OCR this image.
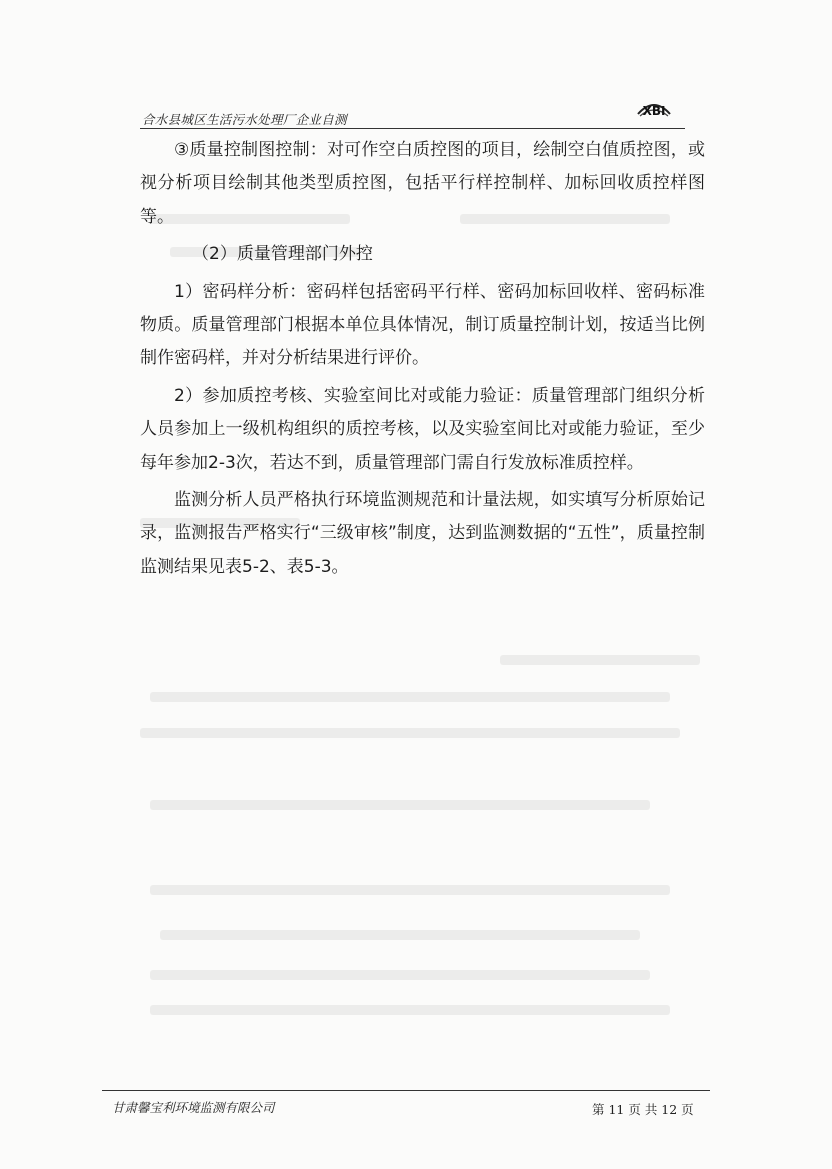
合水县城区生活污水处理厂企业自测
XBI

③质量控制图控制：对可作空白质控图的项目，绘制空白值质控图，或视分析项目绘制其他类型质控图，包括平行样控制样、加标回收质控样图等。

（2）质量管理部门外控

1）密码样分析：密码样包括密码平行样、密码加标回收样、密码标准物质。质量管理部门根据本单位具体情况，制订质量控制计划，按适当比例制作密码样，并对分析结果进行评价。

2）参加质控考核、实验室间比对或能力验证：质量管理部门组织分析人员参加上一级机构组织的质控考核，以及实验室间比对或能力验证，至少每年参加2-3次，若达不到，质量管理部门需自行发放标准质控样。

监测分析人员严格执行环境监测规范和计量法规，如实填写分析原始记录，监测报告严格实行“三级审核”制度，达到监测数据的“五性”，质量控制监测结果见表5-2、表5-3。

甘肃馨宝利环境监测有限公司	第 11 页 共 12 页
